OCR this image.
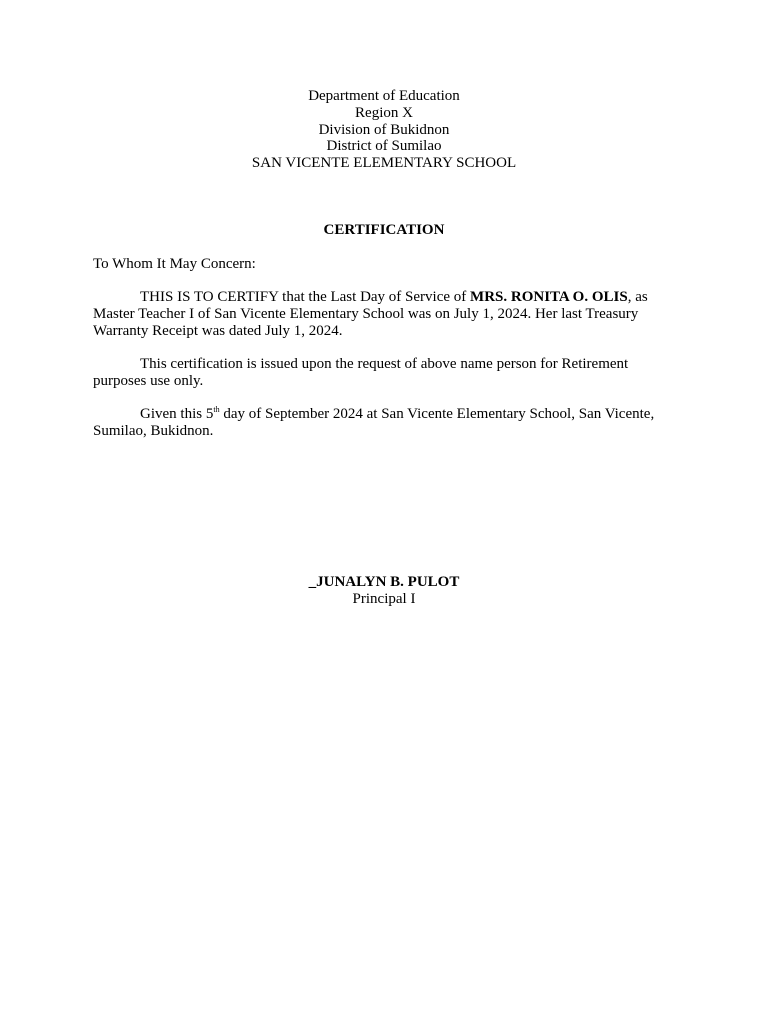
Department of Education
Region X
Division of Bukidnon
District of Sumilao
SAN VICENTE ELEMENTARY SCHOOL
CERTIFICATION

To Whom It May Concern:

THIS IS TO CERTIFY that the Last Day of Service of MRS. RONITA O. OLIS, as Master Teacher I of San Vicente Elementary School was on July 1, 2024. Her last Treasury Warranty Receipt was dated July 1, 2024.

This certification is issued upon the request of above name person for Retirement purposes use only.

Given this 5th day of September 2024 at San Vicente Elementary School, San Vicente, Sumilao, Bukidnon.

_JUNALYN B. PULOT
Principal I
